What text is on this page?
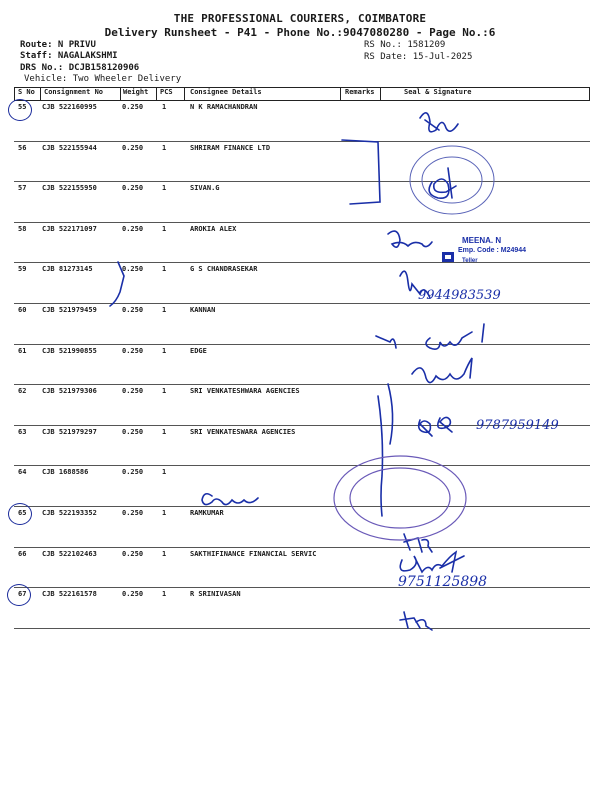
THE PROFESSIONAL COURIERS, COIMBATORE
Delivery Runsheet - P41 - Phone No.:9047080280 - Page No.:6
Route: N PRIVU
Staff: NAGALAKSHMI
DRS No.: DCJB158120906
Vehicle: Two Wheeler Delivery
RS No.: 1581209
RS Date: 15-Jul-2025
S No Consignment No	Weight PCS Consignee Details	Remarks	Seal & Signature
55 CJB 522160995	0.250	1	N K RAMACHANDRAN
56 CJB 522155944	0.250	1	SHRIRAM FINANCE LTD
57 CJB 522155950	0.250	1	SIVAN.G
58 CJB 522171097	0.250	1	AROKIA ALEX
59 CJB 81273145	0.250	1	G S CHANDRASEKAR
60 CJB 521979459	0.250	1	KANNAN
61 CJB 521990855	0.250	1	EDGE
62 CJB 521979306	0.250	1	SRI VENKATESHWARA AGENCIES
63 CJB 521979297	0.250	1	SRI VENKATESWARA AGENCIES
64 CJB 1688586	0.250	1
65 CJB 522193352	0.250	1	RAMKUMAR
66 CJB 522102463	0.250	1	SAKTHIFINANCE FINANCIAL SERVIC
67 CJB 522161578	0.250	1	R SRINIVASAN
MEENA. N
Emp. Code : M24944
Teller
9944983539
9787959149
9751125898
